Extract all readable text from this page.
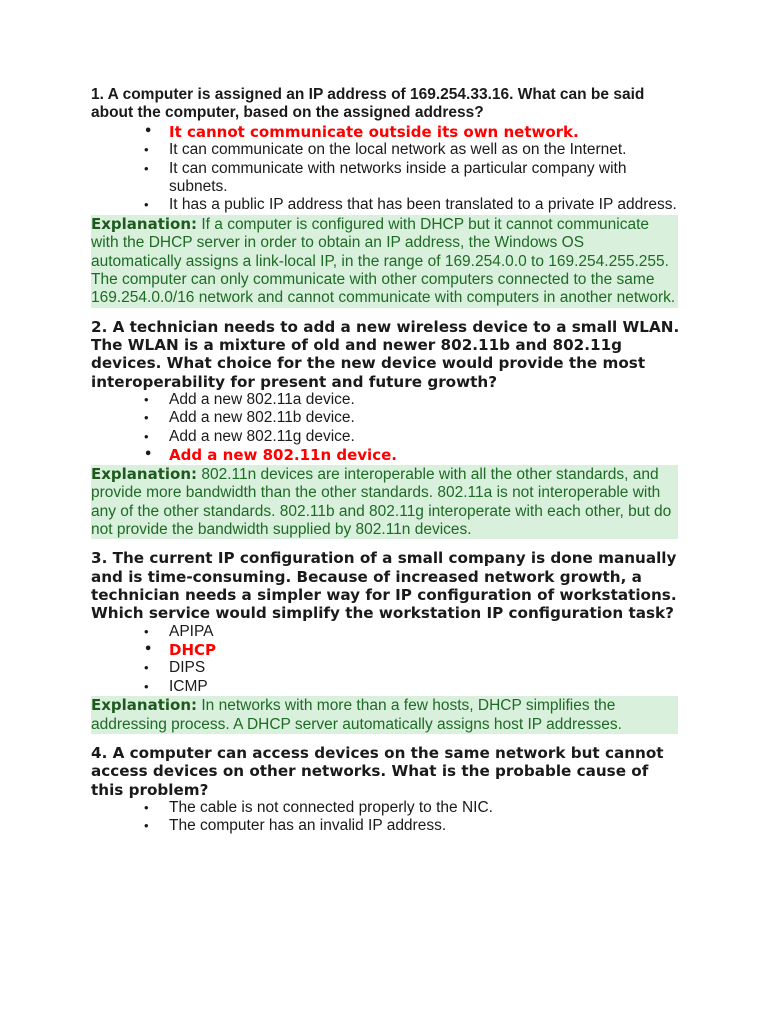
1. A computer is assigned an IP address of 169.254.33.16. What can be said about the computer, based on the assigned address?

• It cannot communicate outside its own network.
• It can communicate on the local network as well as on the Internet.
• It can communicate with networks inside a particular company with subnets.
• It has a public IP address that has been translated to a private IP address.

Explanation: If a computer is configured with DHCP but it cannot communicate with the DHCP server in order to obtain an IP address, the Windows OS automatically assigns a link-local IP, in the range of 169.254.0.0 to 169.254.255.255. The computer can only communicate with other computers connected to the same 169.254.0.0/16 network and cannot communicate with computers in another network.

2. A technician needs to add a new wireless device to a small WLAN. The WLAN is a mixture of old and newer 802.11b and 802.11g devices. What choice for the new device would provide the most interoperability for present and future growth?

• Add a new 802.11a device.
• Add a new 802.11b device.
• Add a new 802.11g device.
• Add a new 802.11n device.

Explanation: 802.11n devices are interoperable with all the other standards, and provide more bandwidth than the other standards. 802.11a is not interoperable with any of the other standards. 802.11b and 802.11g interoperate with each other, but do not provide the bandwidth supplied by 802.11n devices.

3. The current IP configuration of a small company is done manually and is time-consuming. Because of increased network growth, a technician needs a simpler way for IP configuration of workstations. Which service would simplify the workstation IP configuration task?

• APIPA
• DHCP
• DIPS
• ICMP

Explanation: In networks with more than a few hosts, DHCP simplifies the addressing process. A DHCP server automatically assigns host IP addresses.

4. A computer can access devices on the same network but cannot access devices on other networks. What is the probable cause of this problem?

• The cable is not connected properly to the NIC.
• The computer has an invalid IP address.
